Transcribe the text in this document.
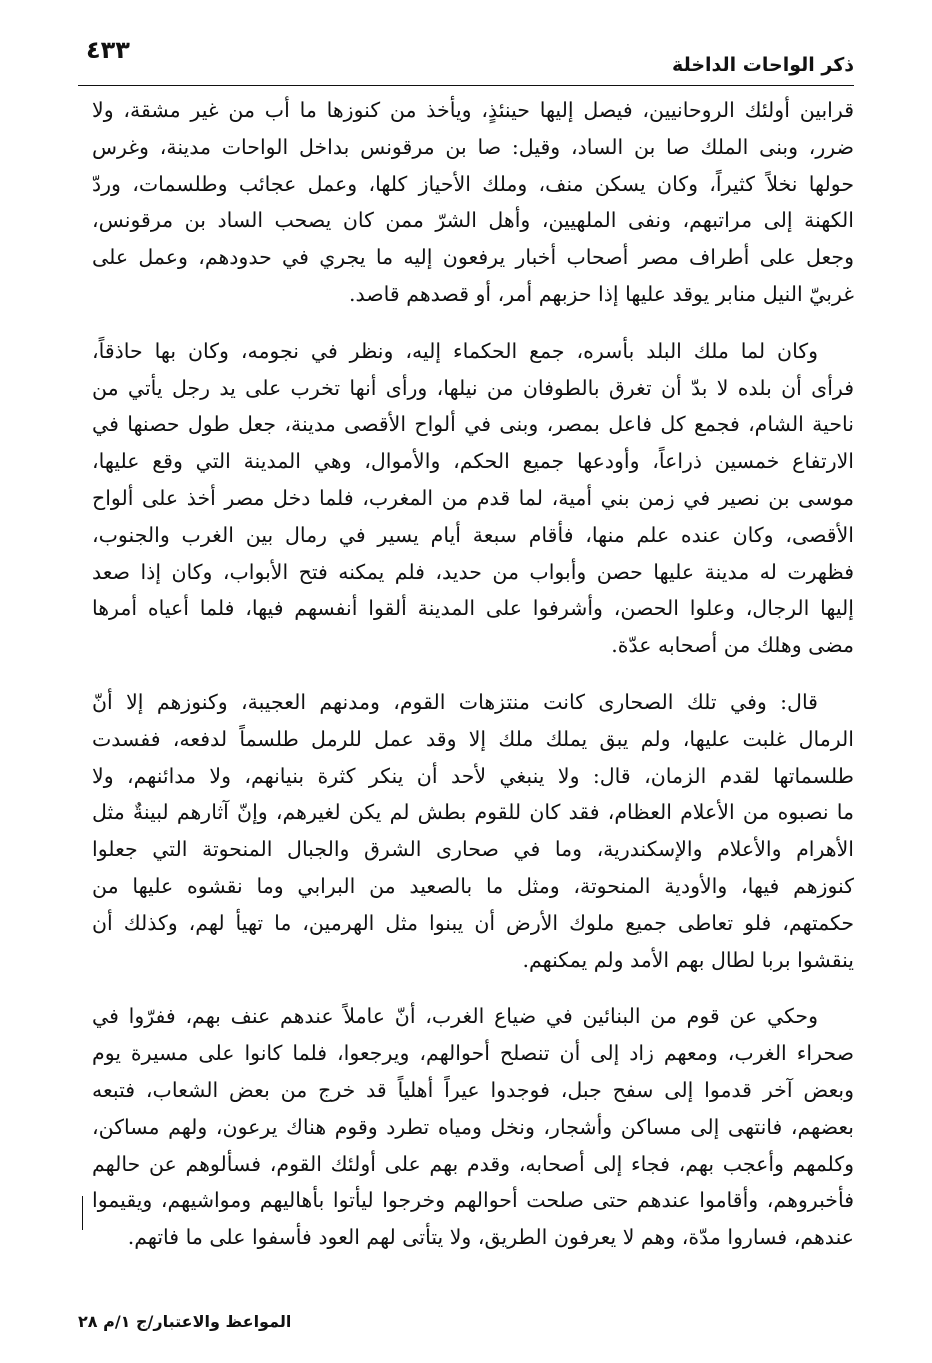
٤٣٣
ذكر الواحات الداخلة
قرابين أولئك الروحانيين، فيصل إليها حينئذٍ، ويأخذ من كنوزها ما أب من غير مشقة، ولا
ضرر، وبنى الملك صا بن الساد، وقيل: صا بن مرقونس بداخل الواحات مدينة، وغرس
حولها نخلاً كثيراً، وكان يسكن منف، وملك الأحياز كلها، وعمل عجائب وطلسمات، وردّ
الكهنة إلى مراتبهم، ونفى الملهيين، وأهل الشرّ ممن كان يصحب الساد بن مرقونس،
وجعل على أطراف مصر أصحاب أخبار يرفعون إليه ما يجري في حدودهم، وعمل على
غربيّ النيل منابر يوقد عليها إذا حزبهم أمر، أو قصدهم قاصد.
وكان لما ملك البلد بأسره، جمع الحكماء إليه، ونظر في نجومه، وكان بها حاذقاً،
فرأى أن بلده لا بدّ أن تغرق بالطوفان من نيلها، ورأى أنها تخرب على يد رجل يأتي من
ناحية الشام، فجمع كل فاعل بمصر، وبنى في ألواح الأقصى مدينة، جعل طول حصنها في
الارتفاع خمسين ذراعاً، وأودعها جميع الحكم، والأموال، وهي المدينة التي وقع عليها،
موسى بن نصير في زمن بني أمية، لما قدم من المغرب، فلما دخل مصر أخذ على ألواح
الأقصى، وكان عنده علم منها، فأقام سبعة أيام يسير في رمال بين الغرب والجنوب،
فظهرت له مدينة عليها حصن وأبواب من حديد، فلم يمكنه فتح الأبواب، وكان إذا صعد
إليها الرجال، وعلوا الحصن، وأشرفوا على المدينة ألقوا أنفسهم فيها، فلما أعياه أمرها
مضى وهلك من أصحابه عدّة.
قال: وفي تلك الصحارى كانت منتزهات القوم، ومدنهم العجيبة، وكنوزهم إلا أنّ
الرمال غلبت عليها، ولم يبق يملك ملك إلا وقد عمل للرمل طلسماً لدفعه، ففسدت
طلسماتها لقدم الزمان، قال: ولا ينبغي لأحد أن ينكر كثرة بنيانهم، ولا مدائنهم، ولا
ما نصبوه من الأعلام العظام، فقد كان للقوم بطش لم يكن لغيرهم، وإنّ آثارهم لبينةٌ مثل
الأهرام والأعلام والإسكندرية، وما في صحارى الشرق والجبال المنحوتة التي جعلوا
كنوزهم فيها، والأودية المنحوتة، ومثل ما بالصعيد من البرابي وما نقشوه عليها من
حكمتهم، فلو تعاطى جميع ملوك الأرض أن يبنوا مثل الهرمين، ما تهيأ لهم، وكذلك أن
ينقشوا بربا لطال بهم الأمد ولم يمكنهم.
وحكي عن قوم من البنائين في ضياع الغرب، أنّ عاملاً عندهم عنف بهم، ففرّوا في
صحراء الغرب، ومعهم زاد إلى أن تنصلح أحوالهم، ويرجعوا، فلما كانوا على مسيرة يوم
وبعض آخر قدموا إلى سفح جبل، فوجدوا عيراً أهلياً قد خرج من بعض الشعاب، فتبعه
بعضهم، فانتهى إلى مساكن وأشجار، ونخل ومياه تطرد وقوم هناك يرعون، ولهم مساكن،
وكلمهم وأعجب بهم، فجاء إلى أصحابه، وقدم بهم على أولئك القوم، فسألوهم عن حالهم
فأخبروهم، وأقاموا عندهم حتى صلحت أحوالهم وخرجوا ليأتوا بأهاليهم ومواشيهم، ويقيموا
عندهم، فساروا مدّة، وهم لا يعرفون الطريق، ولا يتأتى لهم العود فأسفوا على ما فاتهم.
المواعظ والاعتبار/ج ١/م ٢٨
